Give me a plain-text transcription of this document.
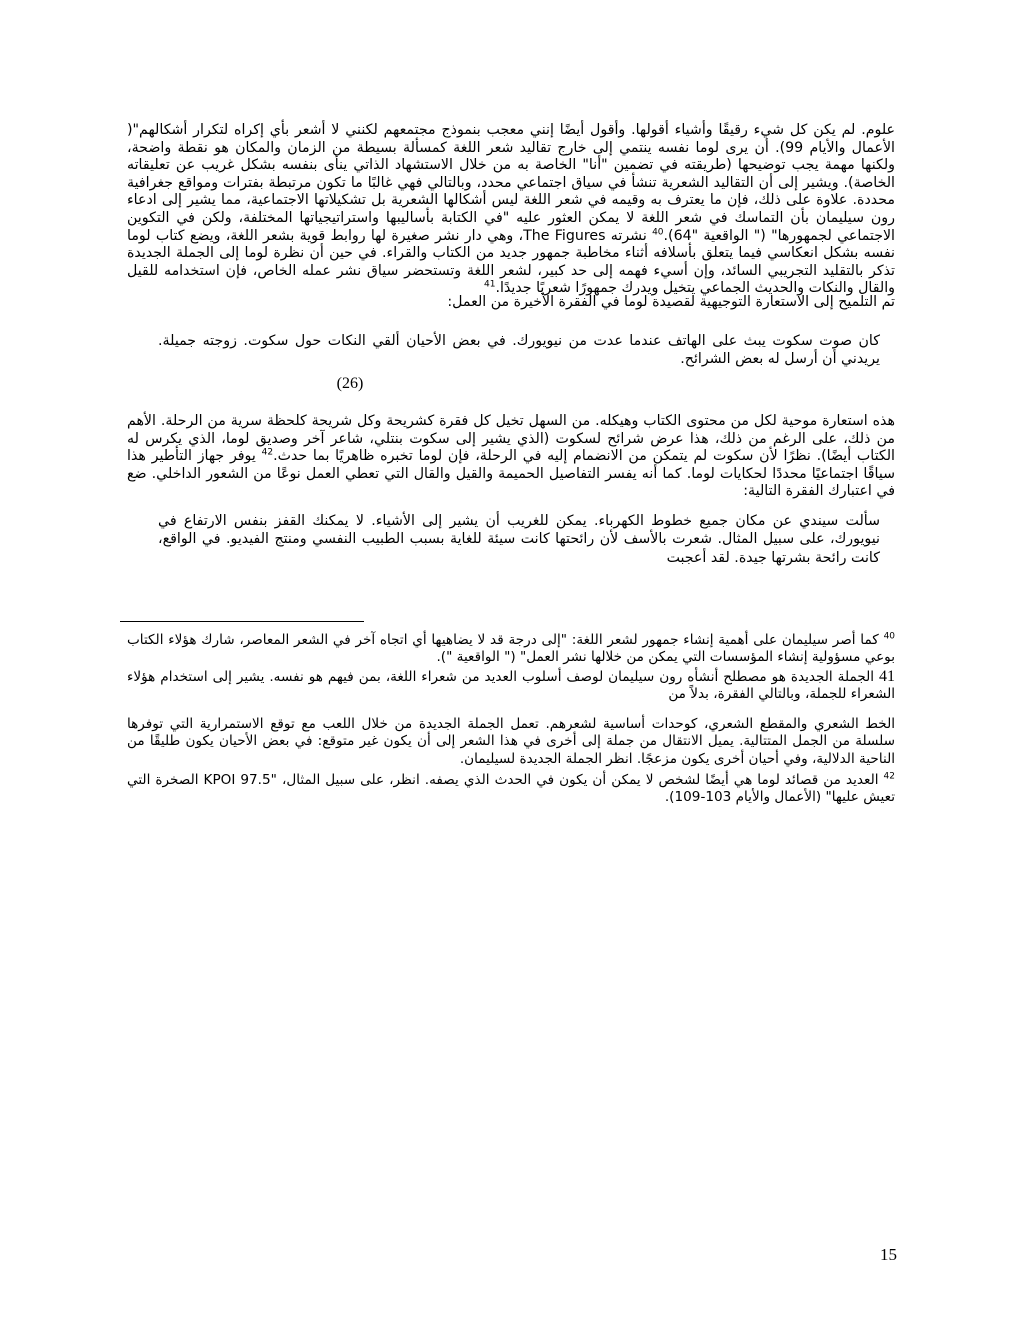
علوم. لم يكن كل شيء رقيقًا وأشياء أقولها. وأقول أيضًا إنني معجب بنموذج مجتمعهم لكنني لا أشعر بأي إكراه لتكرار أشكالهم"( الأعمال والأيام 99). أن يرى لوما نفسه ينتمي إلى خارج تقاليد شعر اللغة كمسألة بسيطة من الزمان والمكان هو نقطة واضحة، ولكنها مهمة يجب توضيحها (طريقته في تضمين "أنا" الخاصة به من خلال الاستشهاد الذاتي ينأى بنفسه بشكل غريب عن تعليقاته الخاصة). ويشير إلى أن التقاليد الشعرية تنشأ في سياق اجتماعي محدد، وبالتالي فهي غالبًا ما تكون مرتبطة بفترات ومواقع جغرافية محددة. علاوة على ذلك، فإن ما يعترف به وقيمه في شعر اللغة ليس أشكالها الشعرية بل تشكيلاتها الاجتماعية، مما يشير إلى ادعاء رون سيليمان بأن التماسك في شعر اللغة لا يمكن العثور عليه "في الكتابة بأساليبها واستراتيجياتها المختلفة، ولكن في التكوين الاجتماعي لجمهورها" (" الواقعية "64).$^{40}$ نشرته The Figures، وهي دار نشر صغيرة لها روابط قوية بشعر اللغة، ويضع كتاب لوما نفسه بشكل انعكاسي فيما يتعلق بأسلافه أثناء مخاطبة جمهور جديد من الكتاب والقراء. في حين أن نظرة لوما إلى الجملة الجديدة تذكر بالتقليد التجريبي السائد، وإن أسيء فهمه إلى حد كبير، لشعر اللغة وتستحضر سياق نشر عمله الخاص، فإن استخدامه للقيل والقال والنكات والحديث الجماعي يتخيل ويدرك جمهورًا شعريًا جديدًا.$^{41}$
تم التلميح إلى الاستعارة التوجيهية لقصيدة لوما في الفقرة الأخيرة من العمل:
كان صوت سكوت يبث على الهاتف عندما عدت من نيويورك. في بعض الأحيان ألقي النكات حول سكوت. زوجته جميلة. يريدني أن أرسل له بعض الشرائح.
(26)
هذه استعارة موحية لكل من محتوى الكتاب وهيكله. من السهل تخيل كل فقرة كشريحة وكل شريحة كلحظة سرية من الرحلة. الأهم من ذلك، على الرغم من ذلك، هذا عرض شرائح لسكوت (الذي يشير إلى سكوت بنتلي، شاعر آخر وصديق لوما، الذي يكرس له الكتاب أيضًا). نظرًا لأن سكوت لم يتمكن من الانضمام إليه في الرحلة، فإن لوما تخبره ظاهريًا بما حدث.$^{42}$ يوفر جهاز التأطير هذا سياقًا اجتماعيًا محددًا لحكايات لوما. كما أنه يفسر التفاصيل الحميمة والقيل والقال التي تعطي العمل نوعًا من الشعور الداخلي. ضع في اعتبارك الفقرة التالية:
سألت سيندي عن مكان جميع خطوط الكهرباء. يمكن للغريب أن يشير إلى الأشياء. لا يمكنك القفز بنفس الارتفاع في نيويورك، على سبيل المثال. شعرت بالأسف لأن رائحتها كانت سيئة للغاية بسبب الطبيب النفسي ومنتج الفيديو. في الواقع، كانت رائحة بشرتها جيدة. لقد أعجبت
$^{40}$ كما أصر سيليمان على أهمية إنشاء جمهور لشعر اللغة: "إلى درجة قد لا يضاهيها أي اتجاه آخر في الشعر المعاصر، شارك هؤلاء الكتاب بوعي مسؤولية إنشاء المؤسسات التي يمكن من خلالها نشر العمل" (" الواقعية ").
41 الجملة الجديدة هو مصطلح أنشأه رون سيليمان لوصف أسلوب العديد من شعراء اللغة، بمن فيهم هو نفسه. يشير إلى استخدام هؤلاء الشعراء للجملة، وبالتالي الفقرة، بدلاً من
الخط الشعري والمقطع الشعري، كوحدات أساسية لشعرهم. تعمل الجملة الجديدة من خلال اللعب مع توقع الاستمرارية التي توفرها سلسلة من الجمل المتتالية. يميل الانتقال من جملة إلى أخرى في هذا الشعر إلى أن يكون غير متوقع: في بعض الأحيان يكون طليقًا من الناحية الدلالية، وفي أحيان أخرى يكون مزعجًا. انظر الجملة الجديدة لسيليمان.
$^{42}$ العديد من قصائد لوما هي أيضًا لشخص لا يمكن أن يكون في الحدث الذي يصفه. انظر، على سبيل المثال، "KPOI 97.5 الصخرة التي تعيش عليها" (الأعمال والأيام 103-109).
15
